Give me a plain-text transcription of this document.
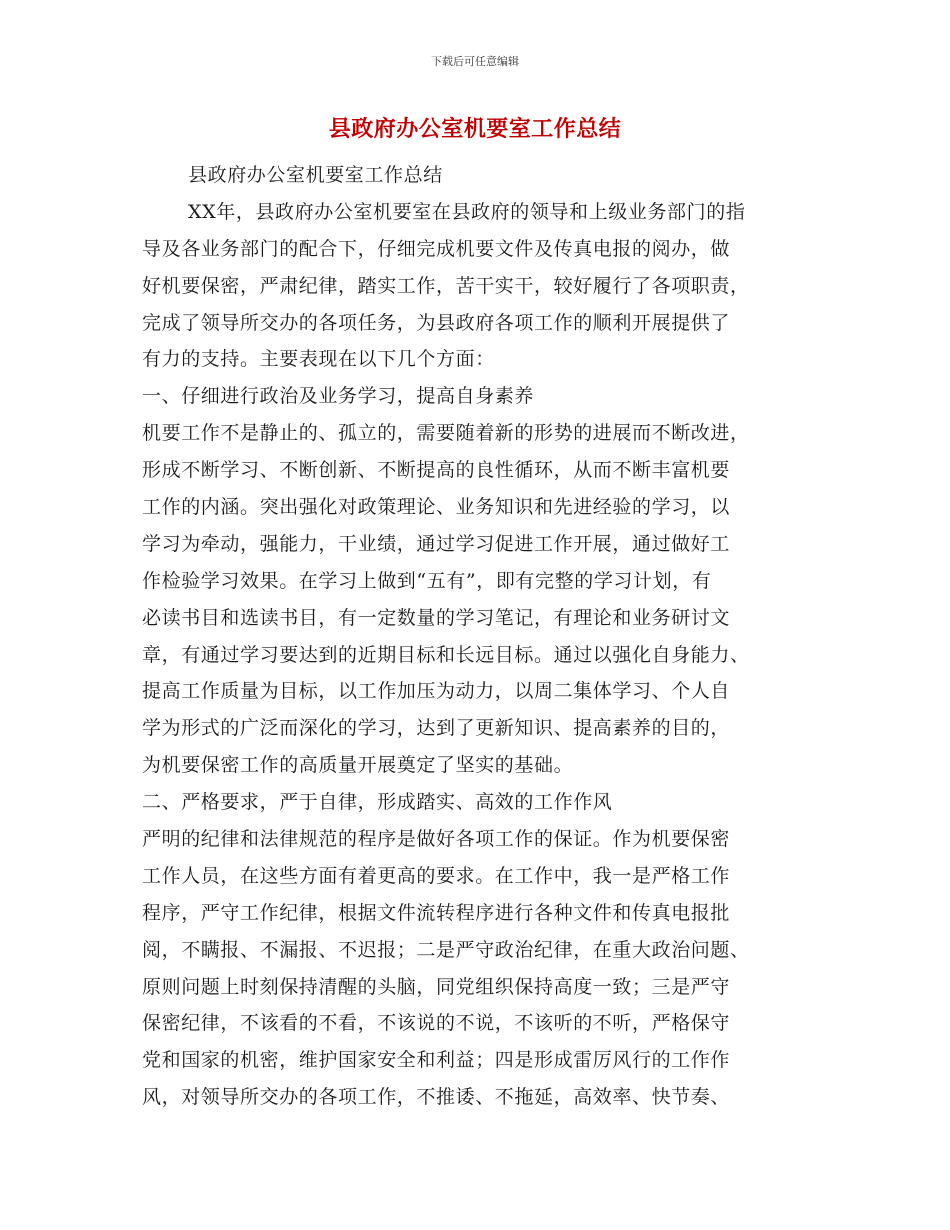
下载后可任意编辑
县政府办公室机要室工作总结
县政府办公室机要室工作总结
XX年，县政府办公室机要室在县政府的领导和上级业务部门的指
导及各业务部门的配合下，仔细完成机要文件及传真电报的阅办，做
好机要保密，严肃纪律，踏实工作，苦干实干，较好履行了各项职责，
完成了领导所交办的各项任务，为县政府各项工作的顺利开展提供了
有力的支持。主要表现在以下几个方面：
一、仔细进行政治及业务学习，提高自身素养
机要工作不是静止的、孤立的，需要随着新的形势的进展而不断改进，
形成不断学习、不断创新、不断提高的良性循环，从而不断丰富机要
工作的内涵。突出强化对政策理论、业务知识和先进经验的学习，以
学习为牵动，强能力，干业绩，通过学习促进工作开展，通过做好工
作检验学习效果。在学习上做到“五有”，即有完整的学习计划，有
必读书目和选读书目，有一定数量的学习笔记，有理论和业务研讨文
章，有通过学习要达到的近期目标和长远目标。通过以强化自身能力、
提高工作质量为目标，以工作加压为动力，以周二集体学习、个人自
学为形式的广泛而深化的学习，达到了更新知识、提高素养的目的，
为机要保密工作的高质量开展奠定了坚实的基础。
二、严格要求，严于自律，形成踏实、高效的工作作风
严明的纪律和法律规范的程序是做好各项工作的保证。作为机要保密
工作人员，在这些方面有着更高的要求。在工作中，我一是严格工作
程序，严守工作纪律，根据文件流转程序进行各种文件和传真电报批
阅，不瞒报、不漏报、不迟报；二是严守政治纪律，在重大政治问题、
原则问题上时刻保持清醒的头脑，同党组织保持高度一致；三是严守
保密纪律，不该看的不看，不该说的不说，不该听的不听，严格保守
党和国家的机密，维护国家安全和利益；四是形成雷厉风行的工作作
风，对领导所交办的各项工作，不推诿、不拖延，高效率、快节奏、
